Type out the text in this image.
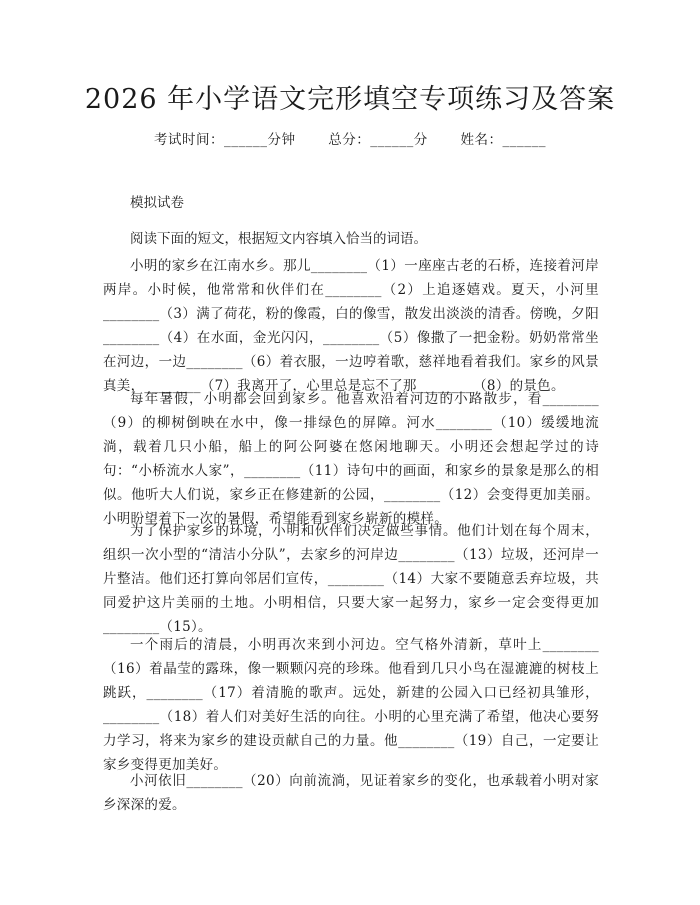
2026 年小学语文完形填空专项练习及答案
考试时间：______分钟 总分：______分 姓名：______
模拟试卷
阅读下面的短文，根据短文内容填入恰当的词语。

小明的家乡在江南水乡。那儿________（1）一座座古老的石桥，连接着河岸两岸。小时候，他常常和伙伴们在________（2）上追逐嬉戏。夏天，小河里________（3）满了荷花，粉的像霞，白的像雪，散发出淡淡的清香。傍晚，夕阳________（4）在水面，金光闪闪，________（5）像撒了一把金粉。奶奶常常坐在河边，一边________（6）着衣服，一边哼着歌，慈祥地看着我们。家乡的风景真美，________（7）我离开了，心里总是忘不了那________（8）的景色。

每年暑假，小明都会回到家乡。他喜欢沿着河边的小路散步，看________（9）的柳树倒映在水中，像一排绿色的屏障。河水________（10）缓缓地流淌，载着几只小船，船上的阿公阿婆在悠闲地聊天。小明还会想起学过的诗句：“小桥流水人家”，________（11）诗句中的画面，和家乡的景象是那么的相似。他听大人们说，家乡正在修建新的公园，________（12）会变得更加美丽。小明盼望着下一次的暑假，希望能看到家乡崭新的模样。

为了保护家乡的环境，小明和伙伴们决定做些事情。他们计划在每个周末，组织一次小型的“清洁小分队”，去家乡的河岸边________（13）垃圾，还河岸一片整洁。他们还打算向邻居们宣传，________（14）大家不要随意丢弃垃圾，共同爱护这片美丽的土地。小明相信，只要大家一起努力，家乡一定会变得更加________（15）。

一个雨后的清晨，小明再次来到小河边。空气格外清新，草叶上________（16）着晶莹的露珠，像一颗颗闪亮的珍珠。他看到几只小鸟在湿漉漉的树枝上跳跃，________（17）着清脆的歌声。远处，新建的公园入口已经初具雏形，________（18）着人们对美好生活的向往。小明的心里充满了希望，他决心要努力学习，将来为家乡的建设贡献自己的力量。他________（19）自己，一定要让家乡变得更加美好。

小河依旧________（20）向前流淌，见证着家乡的变化，也承载着小明对家乡深深的爱。
